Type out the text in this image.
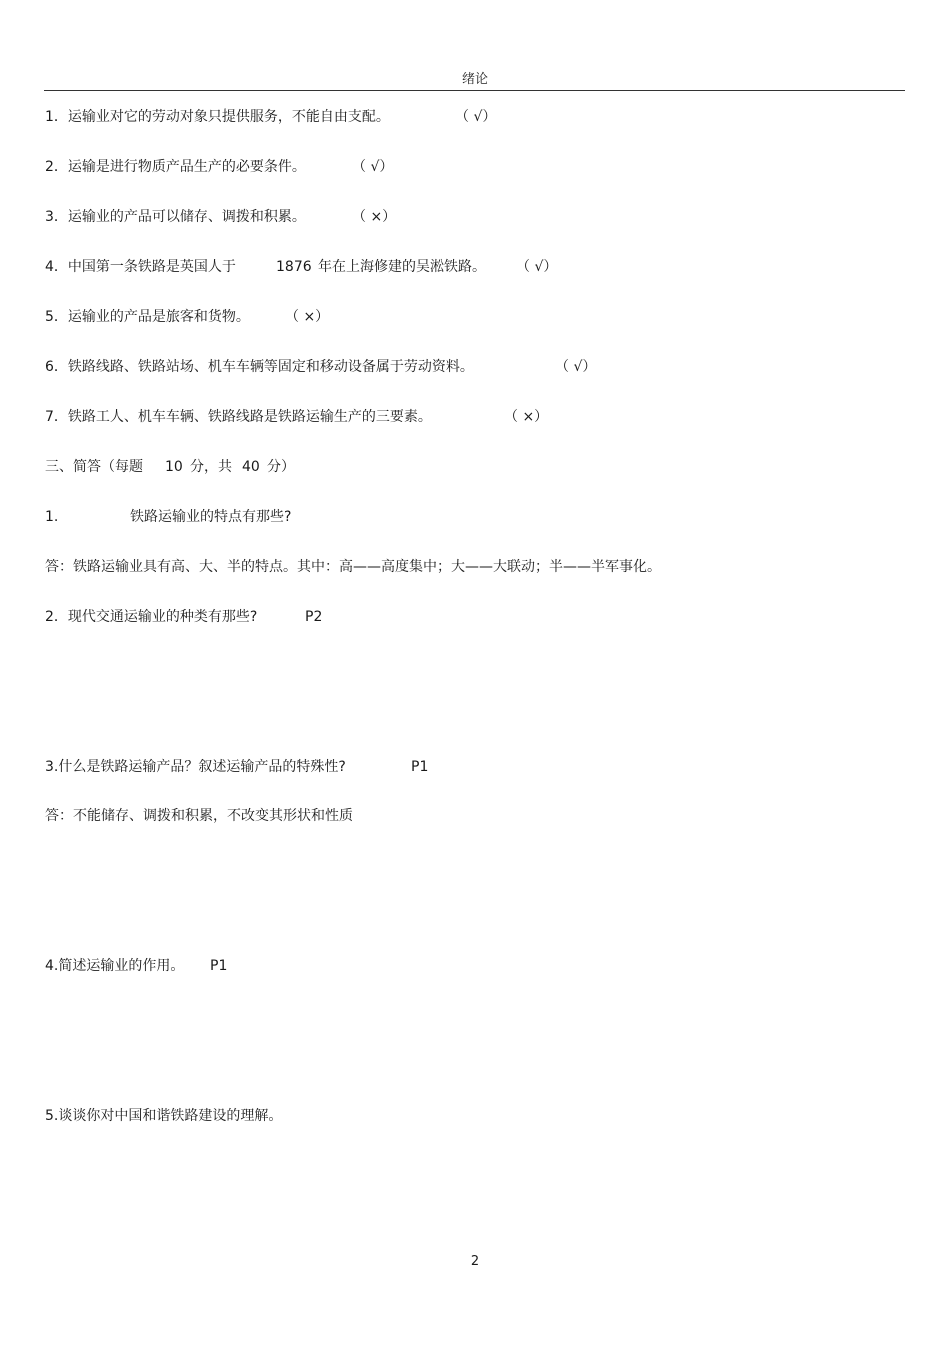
绪论
1．运输业对它的劳动对象只提供服务，不能自由支配。	（ √）
2．运输是进行物质产品生产的必要条件。	（ √）
3．运输业的产品可以储存、调拨和积累。	（ ×）
4．中国第一条铁路是英国人于	1876 年在上海修建的吴淞铁路。 （ √）
5．运输业的产品是旅客和货物。	（ ×）
6．铁路线路、铁路站场、机车车辆等固定和移动设备属于劳动资料。	（ √）
7．铁路工人、机车车辆、铁路线路是铁路运输生产的三要素。	（ ×）
三、简答（每题 10 分，共 40 分）
1.	铁路运输业的特点有那些?
答：铁路运输业具有高、大、半的特点。其中：高——高度集中；大——大联动；半——半军事化。
2．现代交通运输业的种类有那些?	P2
3.什么是铁路运输产品？叙述运输产品的特殊性?	P1
答：不能储存、调拨和积累，不改变其形状和性质
4.简述运输业的作用。 P1
5.谈谈你对中国和谐铁路建设的理解。
2
